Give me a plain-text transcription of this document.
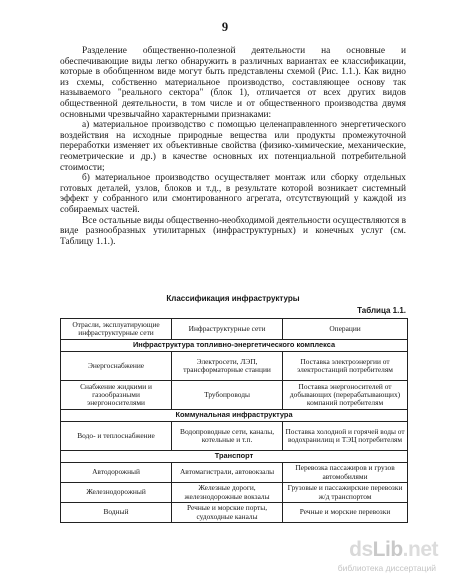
9

Разделение общественно-полезной деятельности на основные и обеспечивающие виды легко обнаружить в различных вариантах ее классификации, которые в обобщенном виде могут быть представлены схемой (Рис. 1.1.). Как видно из схемы, собственно материальное производство, составляющее основу так называемого "реального сектора" (блок 1), отличается от всех других видов общественной деятельности, в том числе и от общественного производства двумя основными чрезвычайно характерными признаками:

а) материальное производство с помощью целенаправленного энергетического воздействия на исходные природные вещества или продукты промежуточной переработки изменяет их объективные свойства (физико-химические, механические, геометрические и др.) в качестве основных их потенциальной потребительной стоимости;

б) материальное производство осуществляет монтаж или сборку отдельных готовых деталей, узлов, блоков и т.д., в результате которой возникает системный эффект у собранного или смонтированного агрегата, отсутствующий у каждой из собираемых частей.

Все остальные виды общественно-необходимой деятельности осуществляются в виде разнообразных утилитарных (инфраструктурных) и конечных услуг (см. Таблицу 1.1.).

Классификация инфраструктуры
Таблица 1.1.
Отрасли, эксплуатирующие инфраструктурные сети	Инфраструктурные сети	Операции
Инфраструктура топливно-энергетического комплекса		
Энергоснабжение	Электросети, ЛЭП, трансформаторные станции	Поставка электроэнергии от электростанций потребителям
Снабжение жидкими и газообразными энергоносителями	Трубопроводы	Поставка энергоносителей от добывающих (перерабатывающих) компаний потребителям
Коммунальная инфраструктура		
Водо- и теплоснабжение	Водопроводные сети, каналы, котельные и т.п.	Поставка холодной и горячей воды от водохранилищ и ТЭЦ потребителям
Транспорт		
Автодорожный	Автомагистрали, автовокзалы	Перевозка пассажиров и грузов автомобилями
Железнодорожный	Железные дороги, железнодорожные вокзалы	Грузовые и пассажирские перевозки ж/д транспортом
Водный	Речные и морские порты, судоходные каналы	Речные и морские перевозки
dsLib.net
библиотека диссертаций
